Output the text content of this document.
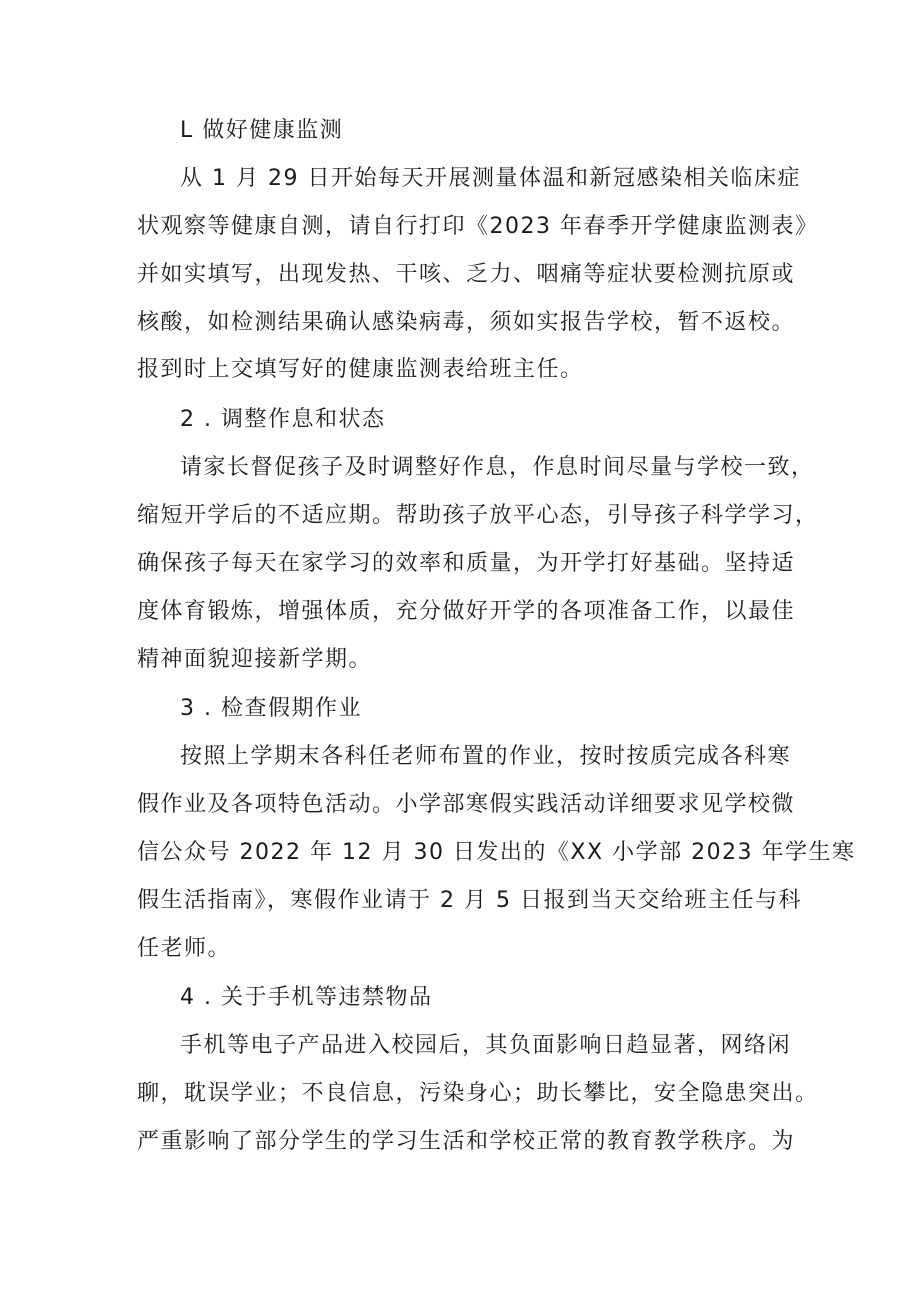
L 做好健康监测
从 1 月 29 日开始每天开展测量体温和新冠感染相关临床症
状观察等健康自测，请自行打印《2023 年春季开学健康监测表》
并如实填写，出现发热、干咳、乏力、咽痛等症状要检测抗原或
核酸，如检测结果确认感染病毒，须如实报告学校，暂不返校。
报到时上交填写好的健康监测表给班主任。
2 . 调整作息和状态
请家长督促孩子及时调整好作息，作息时间尽量与学校一致，
缩短开学后的不适应期。帮助孩子放平心态，引导孩子科学学习，
确保孩子每天在家学习的效率和质量，为开学打好基础。坚持适
度体育锻炼，增强体质，充分做好开学的各项准备工作，以最佳
精神面貌迎接新学期。
3 . 检查假期作业
按照上学期末各科任老师布置的作业，按时按质完成各科寒
假作业及各项特色活动。小学部寒假实践活动详细要求见学校微
信公众号 2022 年 12 月 30 日发出的《XX 小学部 2023 年学生寒
假生活指南》，寒假作业请于 2 月 5 日报到当天交给班主任与科
任老师。
4 . 关于手机等违禁物品
手机等电子产品进入校园后，其负面影响日趋显著，网络闲
聊，耽误学业；不良信息，污染身心；助长攀比，安全隐患突出。
严重影响了部分学生的学习生活和学校正常的教育教学秩序。为
